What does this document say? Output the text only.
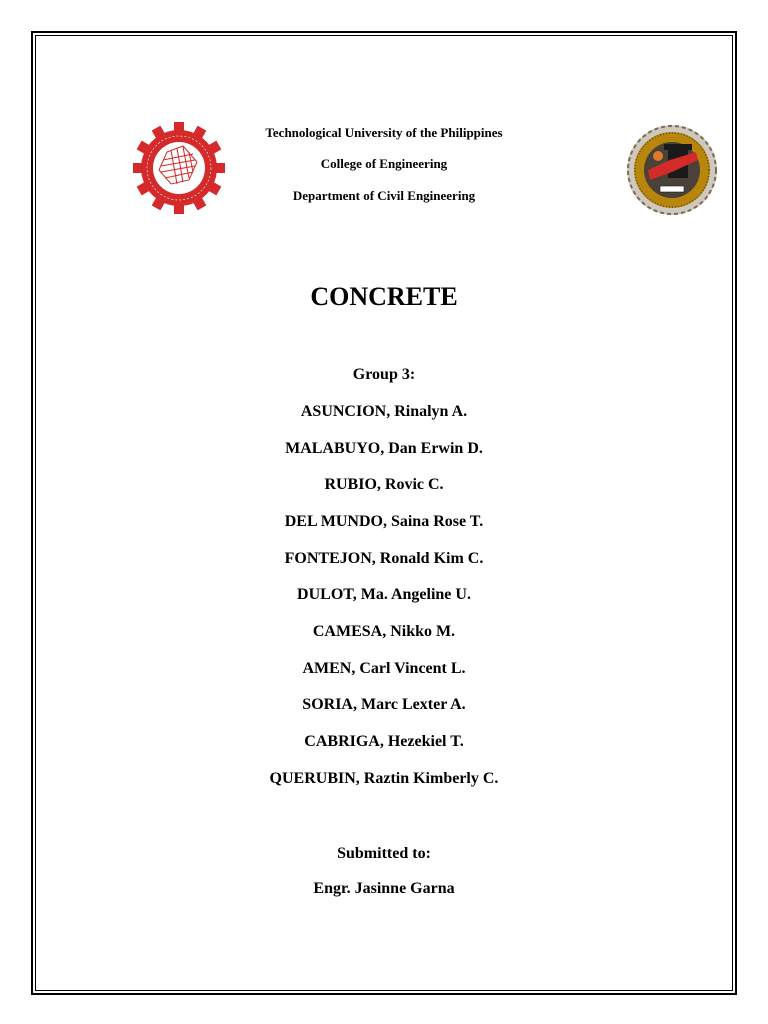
Technological University of the Philippines
College of Engineering
Department of Civil Engineering
CONCRETE
Group 3:
ASUNCION, Rinalyn A.
MALABUYO, Dan Erwin D.
RUBIO, Rovic C.
DEL MUNDO, Saina Rose T.
FONTEJON, Ronald Kim C.
DULOT, Ma. Angeline U.
CAMESA, Nikko M.
AMEN, Carl Vincent L.
SORIA, Marc Lexter A.
CABRIGA, Hezekiel T.
QUERUBIN, Raztin Kimberly C.
Submitted to:
Engr. Jasinne Garna
